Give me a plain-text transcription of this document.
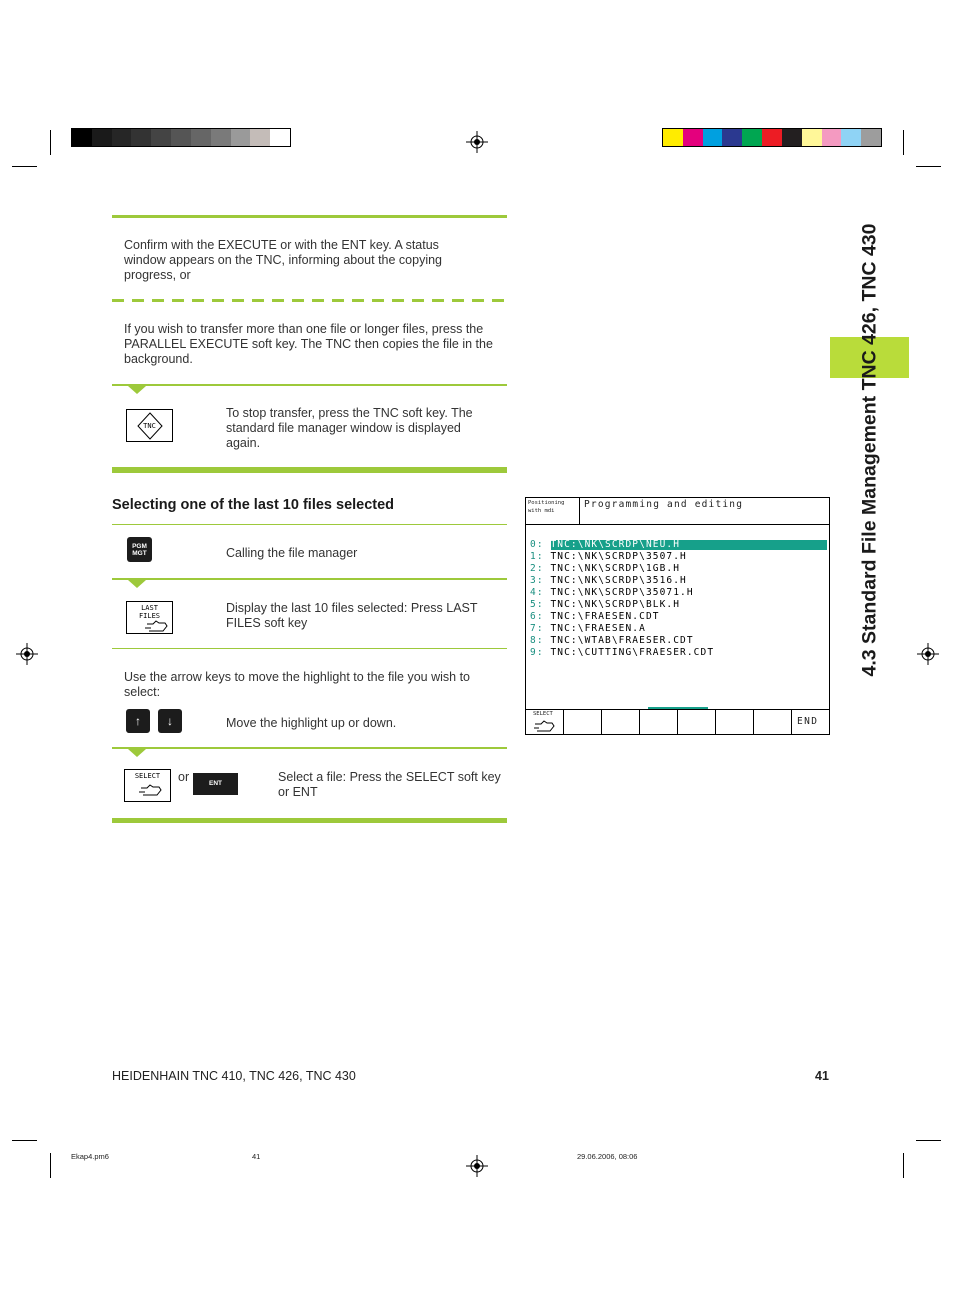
4.3 Standard File Management TNC 426, TNC 430
Confirm with the EXECUTE or with the ENT key. A status window appears on the TNC, informing about the copying progress, or
If you wish to transfer more than one file or longer files, press the PARALLEL EXECUTE soft key. The TNC then copies the file in the background.
TNC
To stop transfer, press the TNC soft key. The standard file manager window is displayed again.
Selecting one of the last 10 files selected
PGM
MGT	Calling the file manager
LAST
FILES
Display the last 10 files selected: Press LAST FILES soft key
Use the arrow keys to move the highlight to the file you wish to select:
↑	↓	Move the highlight up or down.
SELECT	or	ENT	Select a file: Press the SELECT soft key or ENT
Positioning
with mdi
Programming and editing
0: TNC:\NK\SCRDP\NEU.H
1: TNC:\NK\SCRDP\3507.H
2: TNC:\NK\SCRDP\1GB.H
3: TNC:\NK\SCRDP\3516.H
4: TNC:\NK\SCRDP\35071.H
5: TNC:\NK\SCRDP\BLK.H
6: TNC:\FRAESEN.CDT
7: TNC:\FRAESEN.A
8: TNC:\WTAB\FRAESER.CDT
9: TNC:\CUTTING\FRAESER.CDT
SELECT
END
HEIDENHAIN TNC 410, TNC 426, TNC 430	41
Ekap4.pm6	41	29.06.2006, 08:06
